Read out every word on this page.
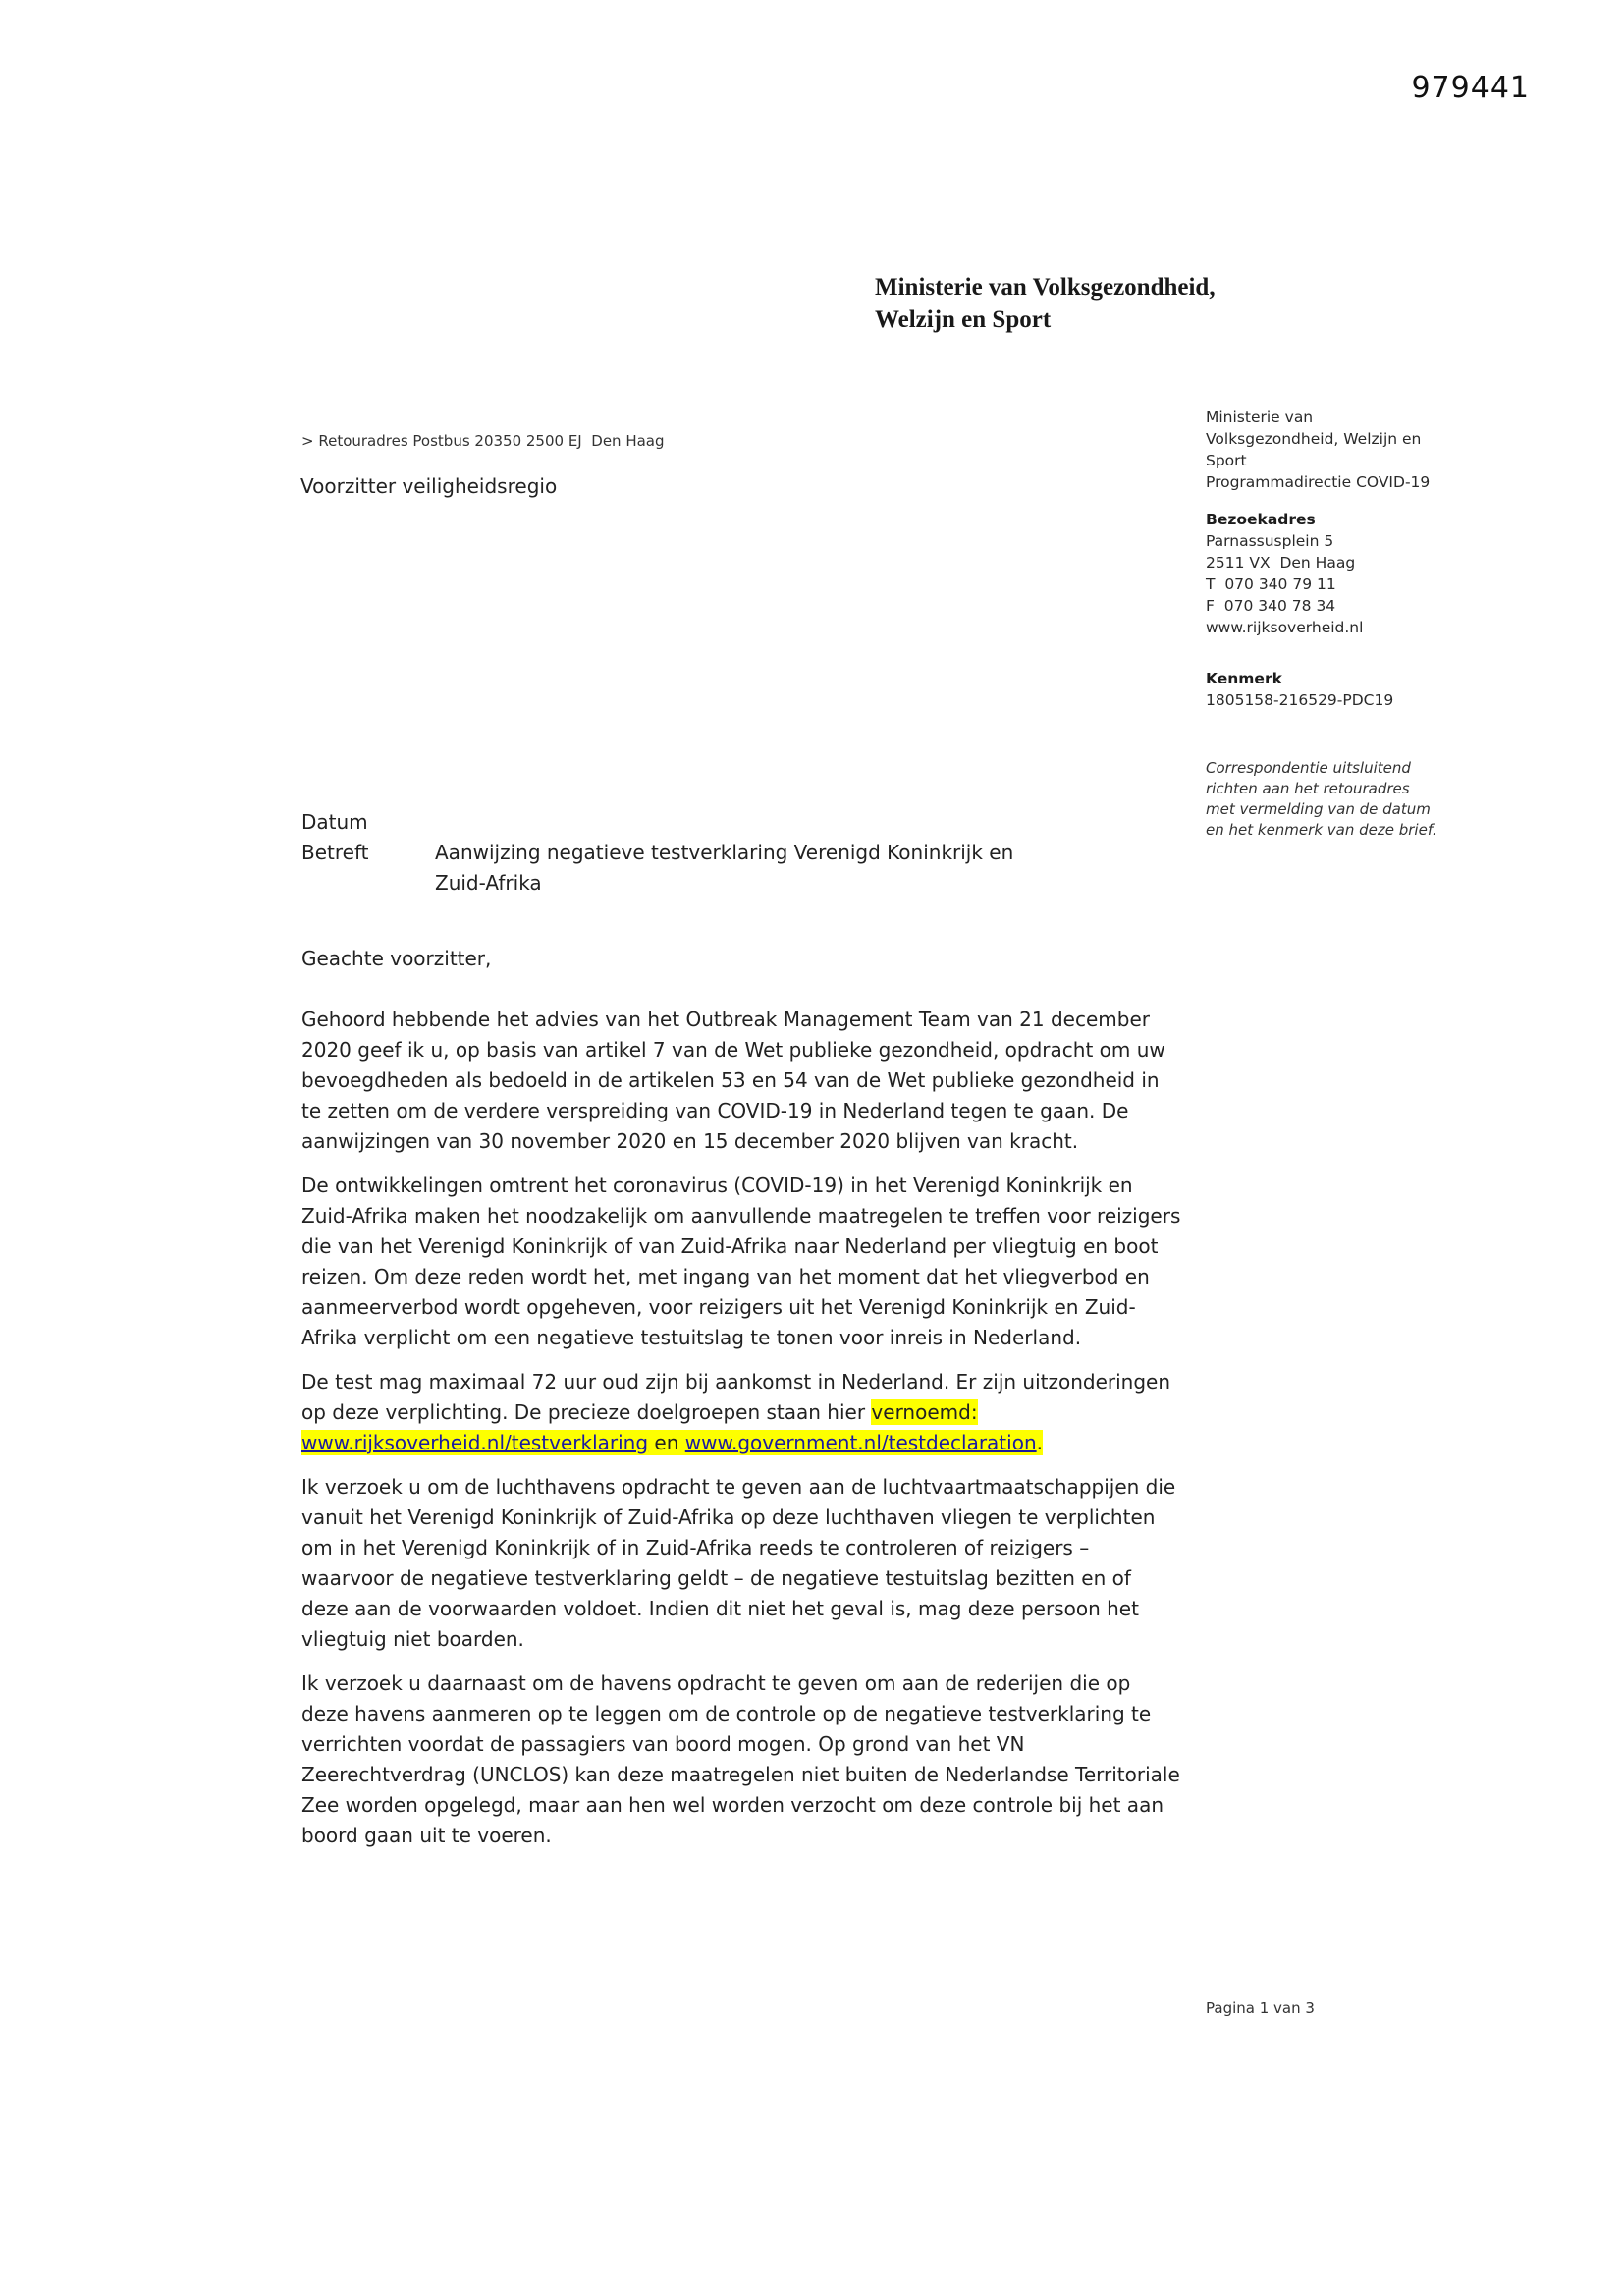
979441
Ministerie van Volksgezondheid,
Welzijn en Sport
> Retouradres Postbus 20350 2500 EJ  Den Haag
Voorzitter veiligheidsregio
Ministerie van
Volksgezondheid, Welzijn en
Sport
Programmadirectie COVID-19
Bezoekadres
Parnassusplein 5
2511 VX  Den Haag
T  070 340 79 11
F  070 340 78 34
www.rijksoverheid.nl
Kenmerk
1805158-216529-PDC19
Correspondentie uitsluitend richten aan het retouradres met vermelding van de datum en het kenmerk van deze brief.
Datum
Betreft	Aanwijzing negatieve testverklaring Verenigd Koninkrijk en Zuid-Afrika

Geachte voorzitter,

Gehoord hebbende het advies van het Outbreak Management Team van 21 december 2020 geef ik u, op basis van artikel 7 van de Wet publieke gezondheid, opdracht om uw bevoegdheden als bedoeld in de artikelen 53 en 54 van de Wet publieke gezondheid in te zetten om de verdere verspreiding van COVID-19 in Nederland tegen te gaan. De aanwijzingen van 30 november 2020 en 15 december 2020 blijven van kracht.

De ontwikkelingen omtrent het coronavirus (COVID-19) in het Verenigd Koninkrijk en Zuid-Afrika maken het noodzakelijk om aanvullende maatregelen te treffen voor reizigers die van het Verenigd Koninkrijk of van Zuid-Afrika naar Nederland per vliegtuig en boot reizen. Om deze reden wordt het, met ingang van het moment dat het vliegverbod en aanmeerverbod wordt opgeheven, voor reizigers uit het Verenigd Koninkrijk en Zuid-Afrika verplicht om een negatieve testuitslag te tonen voor inreis in Nederland.

De test mag maximaal 72 uur oud zijn bij aankomst in Nederland. Er zijn uitzonderingen op deze verplichting. De precieze doelgroepen staan hier vernoemd: www.rijksoverheid.nl/testverklaring en www.government.nl/testdeclaration.

Ik verzoek u om de luchthavens opdracht te geven aan de luchtvaartmaatschappijen die vanuit het Verenigd Koninkrijk of Zuid-Afrika op deze luchthaven vliegen te verplichten om in het Verenigd Koninkrijk of in Zuid-Afrika reeds te controleren of reizigers – waarvoor de negatieve testverklaring geldt – de negatieve testuitslag bezitten en of deze aan de voorwaarden voldoet. Indien dit niet het geval is, mag deze persoon het vliegtuig niet boarden.

Ik verzoek u daarnaast om de havens opdracht te geven om aan de rederijen die op deze havens aanmeren op te leggen om de controle op de negatieve testverklaring te verrichten voordat de passagiers van boord mogen. Op grond van het VN Zeerechtverdrag (UNCLOS) kan deze maatregelen niet buiten de Nederlandse Territoriale Zee worden opgelegd, maar aan hen wel worden verzocht om deze controle bij het aan boord gaan uit te voeren.

Pagina 1 van 3
